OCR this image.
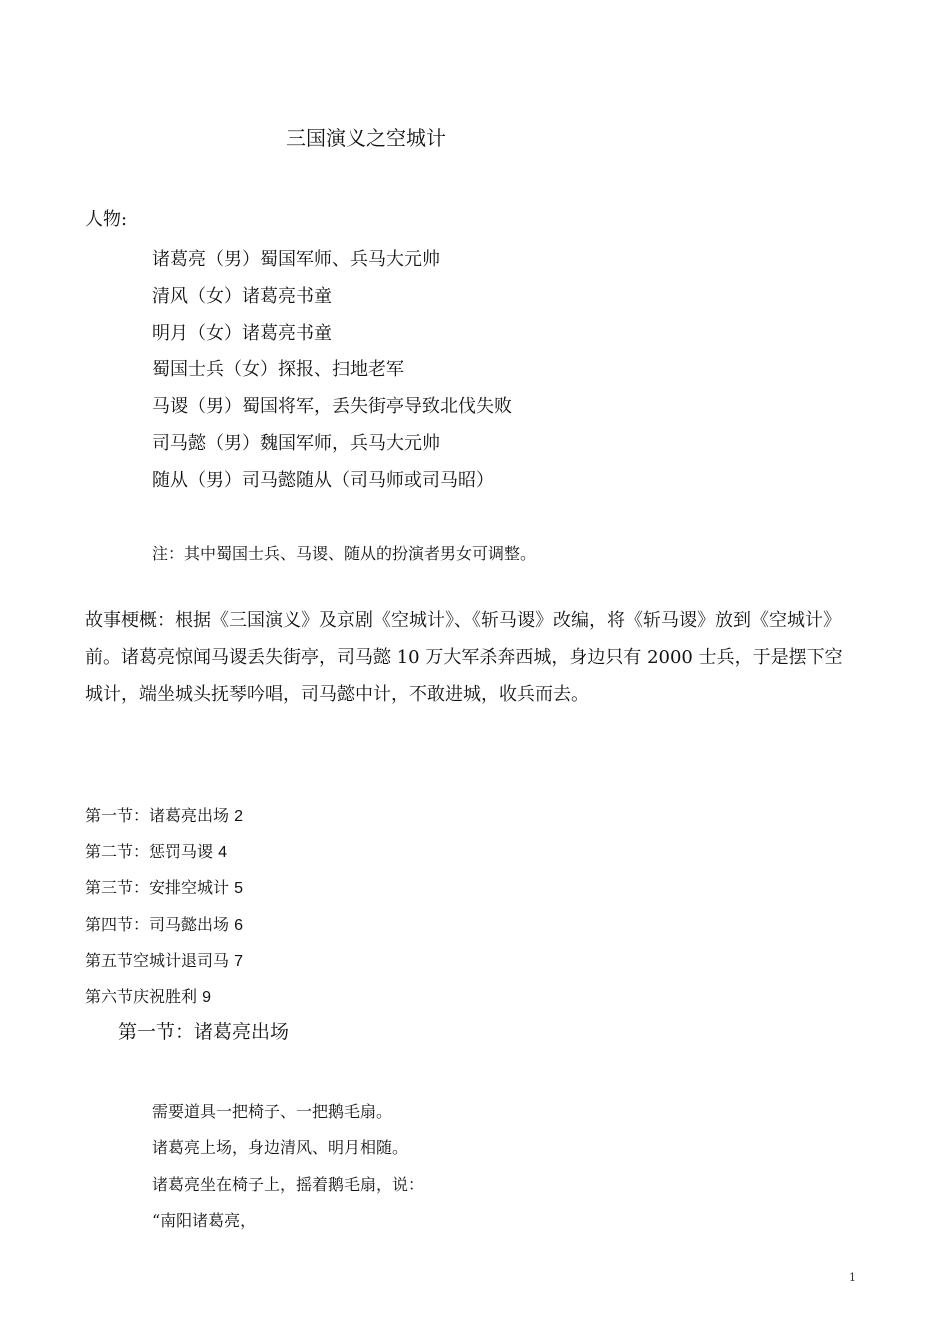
三国演义之空城计
人物:
诸葛亮（男）蜀国军师、兵马大元帅
清风（女）诸葛亮书童
明月（女）诸葛亮书童
蜀国士兵（女）探报、扫地老军
马谡（男）蜀国将军，丢失街亭导致北伐失败
司马懿（男）魏国军师，兵马大元帅
随从（男）司马懿随从（司马师或司马昭）
注：其中蜀国士兵、马谡、随从的扮演者男女可调整。
故事梗概：根据《三国演义》及京剧《空城计》、《斩马谡》改编，将《斩马谡》放到《空城计》前。诸葛亮惊闻马谡丢失街亭，司马懿 10 万大军杀奔西城，身边只有 2000 士兵，于是摆下空城计，端坐城头抚琴吟唱，司马懿中计，不敢进城，收兵而去。
第一节：诸葛亮出场 2
第二节：惩罚马谡 4
第三节：安排空城计 5
第四节：司马懿出场 6
第五节空城计退司马 7
第六节庆祝胜利 9
第一节：诸葛亮出场
需要道具一把椅子、一把鹅毛扇。
诸葛亮上场，身边清风、明月相随。
诸葛亮坐在椅子上，摇着鹅毛扇，说：
“南阳诸葛亮，
1
